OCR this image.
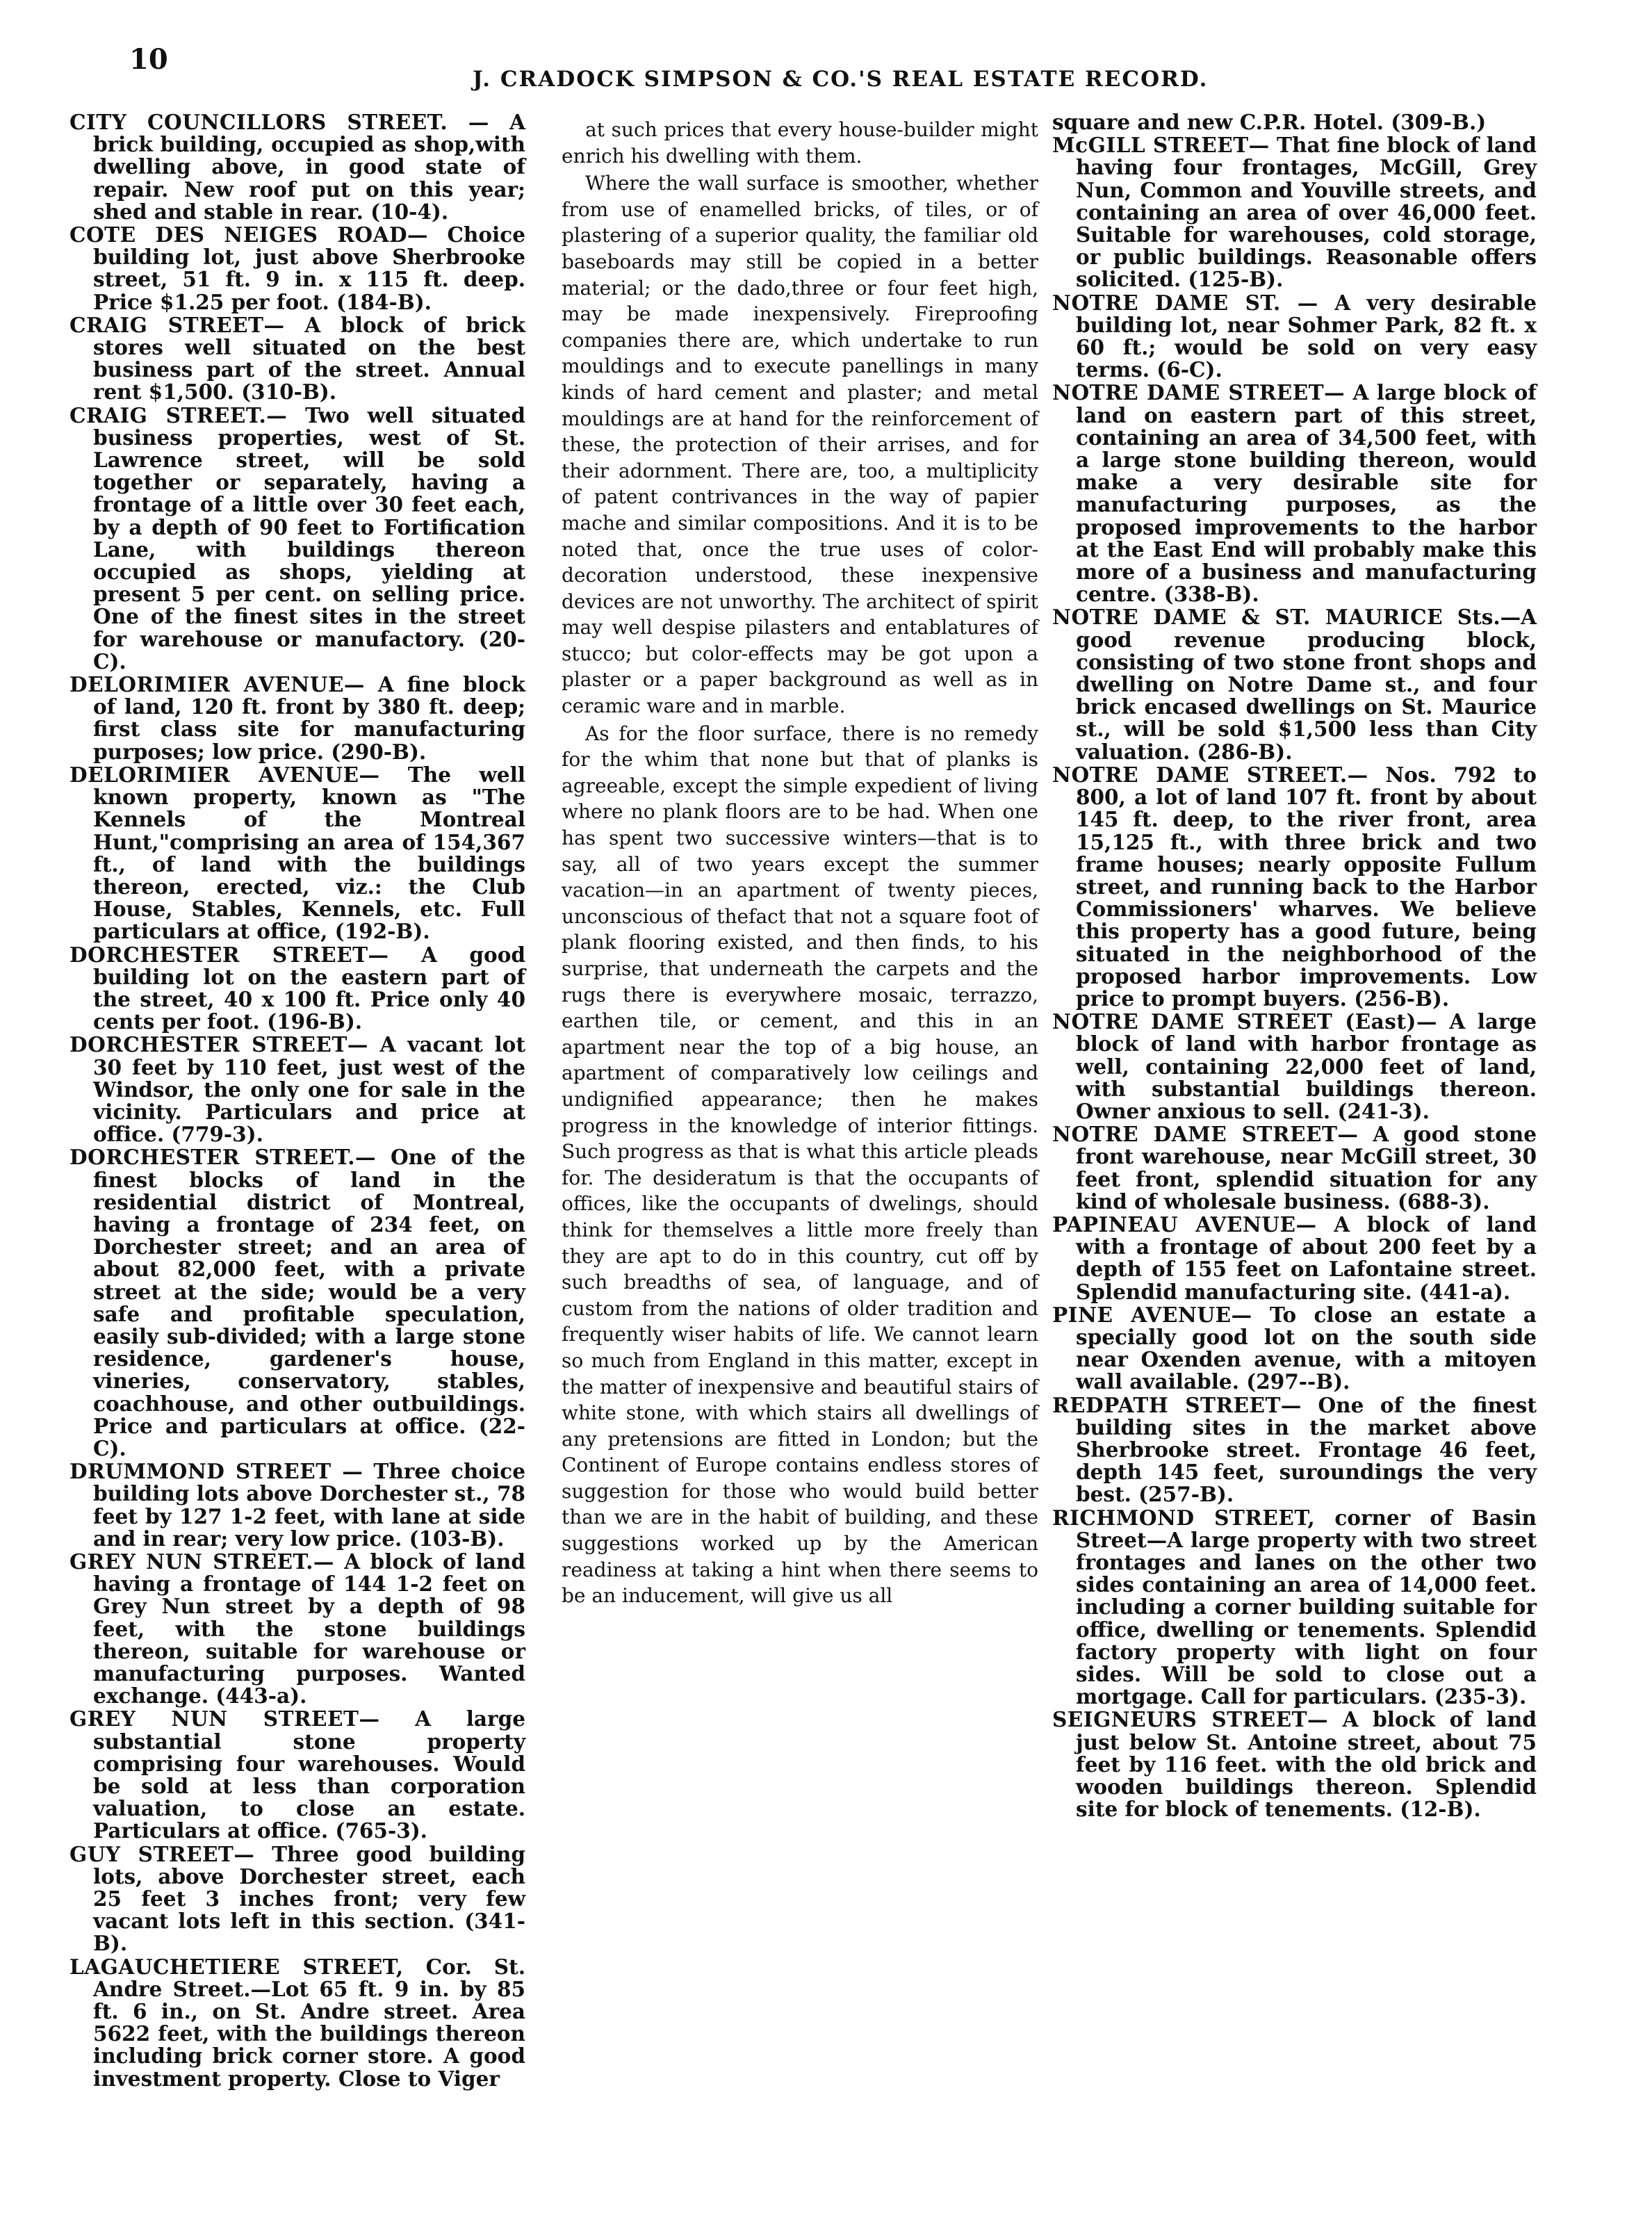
10
J. CRADOCK SIMPSON & CO.'S REAL ESTATE RECORD.

CITY COUNCILLORS STREET. — A brick building, occupied as shop,with dwelling above, in good state of repair. New roof put on this year; shed and stable in rear. (10-4).

COTE DES NEIGES ROAD— Choice building lot, just above Sherbrooke street, 51 ft. 9 in. x 115 ft. deep. Price $1.25 per foot. (184-B).

CRAIG STREET— A block of brick stores well situated on the best business part of the street. Annual rent $1,500. (310-B).

CRAIG STREET.— Two well situated business properties, west of St. Lawrence street, will be sold together or separately, having a frontage of a little over 30 feet each, by a depth of 90 feet to Fortification Lane, with buildings thereon occupied as shops, yielding at present 5 per cent. on selling price. One of the finest sites in the street for warehouse or manufactory. (20-C).

DELORIMIER AVENUE— A fine block of land, 120 ft. front by 380 ft. deep; first class site for manufacturing purposes; low price. (290-B).

DELORIMIER AVENUE— The well known property, known as "The Kennels of the Montreal Hunt,"comprising an area of 154,367 ft., of land with the buildings thereon, erected, viz.: the Club House, Stables, Kennels, etc. Full particulars at office, (192-B).

DORCHESTER STREET— A good building lot on the eastern part of the street, 40 x 100 ft. Price only 40 cents per foot. (196-B).

DORCHESTER STREET— A vacant lot 30 feet by 110 feet, just west of the Windsor, the only one for sale in the vicinity. Particulars and price at office. (779-3).

DORCHESTER STREET.— One of the finest blocks of land in the residential district of Montreal, having a frontage of 234 feet, on Dorchester street; and an area of about 82,000 feet, with a private street at the side; would be a very safe and profitable speculation, easily sub-divided; with a large stone residence, gardener's house, vineries, conservatory, stables, coachhouse, and other outbuildings. Price and particulars at office. (22-C).

DRUMMOND STREET — Three choice building lots above Dorchester st., 78 feet by 127 1-2 feet, with lane at side and in rear; very low price. (103-B).

GREY NUN STREET.— A block of land having a frontage of 144 1-2 feet on Grey Nun street by a depth of 98 feet, with the stone buildings thereon, suitable for warehouse or manufacturing purposes. Wanted exchange. (443-a).

GREY NUN STREET— A large substantial stone property comprising four warehouses. Would be sold at less than corporation valuation, to close an estate. Particulars at office. (765-3).

GUY STREET— Three good building lots, above Dorchester street, each 25 feet 3 inches front; very few vacant lots left in this section. (341-B).

LAGAUCHETIERE STREET, Cor. St. Andre Street.—Lot 65 ft. 9 in. by 85 ft. 6 in., on St. Andre street. Area 5622 feet, with the buildings thereon including brick corner store. A good investment property. Close to Viger

at such prices that every house-builder might enrich his dwelling with them.

Where the wall surface is smoother, whether from use of enamelled bricks, of tiles, or of plastering of a superior quality, the familiar old baseboards may still be copied in a better material; or the dado,three or four feet high, may be made inexpensively. Fireproofing companies there are, which undertake to run mouldings and to execute panellings in many kinds of hard cement and plaster; and metal mouldings are at hand for the reinforcement of these, the protection of their arrises, and for their adornment. There are, too, a multiplicity of patent contrivances in the way of papier mache and similar compositions. And it is to be noted that, once the true uses of color-decoration understood, these inexpensive devices are not unworthy. The architect of spirit may well despise pilasters and entablatures of stucco; but color-effects may be got upon a plaster or a paper background as well as in ceramic ware and in marble.

As for the floor surface, there is no remedy for the whim that none but that of planks is agreeable, except the simple expedient of living where no plank floors are to be had. When one has spent two successive winters—that is to say, all of two years except the summer vacation—in an apartment of twenty pieces, unconscious of thefact that not a square foot of plank flooring existed, and then finds, to his surprise, that underneath the carpets and the rugs there is everywhere mosaic, terrazzo, earthen tile, or cement, and this in an apartment near the top of a big house, an apartment of comparatively low ceilings and undignified appearance; then he makes progress in the knowledge of interior fittings. Such progress as that is what this article pleads for. The desideratum is that the occupants of offices, like the occupants of dwelings, should think for themselves a little more freely than they are apt to do in this country, cut off by such breadths of sea, of language, and of custom from the nations of older tradition and frequently wiser habits of life. We cannot learn so much from England in this matter, except in the matter of inexpensive and beautiful stairs of white stone, with which stairs all dwellings of any pretensions are fitted in London; but the Continent of Europe contains endless stores of suggestion for those who would build better than we are in the habit of building, and these suggestions worked up by the American readiness at taking a hint when there seems to be an inducement, will give us all

square and new C.P.R. Hotel. (309-B.)

McGILL STREET— That fine block of land having four frontages, McGill, Grey Nun, Common and Youville streets, and containing an area of over 46,000 feet. Suitable for warehouses, cold storage, or public buildings. Reasonable offers solicited. (125-B).

NOTRE DAME ST. — A very desirable building lot, near Sohmer Park, 82 ft. x 60 ft.; would be sold on very easy terms. (6-C).

NOTRE DAME STREET— A large block of land on eastern part of this street, containing an area of 34,500 feet, with a large stone building thereon, would make a very desirable site for manufacturing purposes, as the proposed improvements to the harbor at the East End will probably make this more of a business and manufacturing centre. (338-B).

NOTRE DAME & ST. MAURICE Sts.—A good revenue producing block, consisting of two stone front shops and dwelling on Notre Dame st., and four brick encased dwellings on St. Maurice st., will be sold $1,500 less than City valuation. (286-B).

NOTRE DAME STREET.— Nos. 792 to 800, a lot of land 107 ft. front by about 145 ft. deep, to the river front, area 15,125 ft., with three brick and two frame houses; nearly opposite Fullum street, and running back to the Harbor Commissioners' wharves. We believe this property has a good future, being situated in the neighborhood of the proposed harbor improvements. Low price to prompt buyers. (256-B).

NOTRE DAME STREET (East)— A large block of land with harbor frontage as well, containing 22,000 feet of land, with substantial buildings thereon. Owner anxious to sell. (241-3).

NOTRE DAME STREET— A good stone front warehouse, near McGill street, 30 feet front, splendid situation for any kind of wholesale business. (688-3).

PAPINEAU AVENUE— A block of land with a frontage of about 200 feet by a depth of 155 feet on Lafontaine street. Splendid manufacturing site. (441-a).

PINE AVENUE— To close an estate a specially good lot on the south side near Oxenden avenue, with a mitoyen wall available. (297--B).

REDPATH STREET— One of the finest building sites in the market above Sherbrooke street. Frontage 46 feet, depth 145 feet, suroundings the very best. (257-B).

RICHMOND STREET, corner of Basin Street—A large property with two street frontages and lanes on the other two sides containing an area of 14,000 feet. including a corner building suitable for office, dwelling or tenements. Splendid factory property with light on four sides. Will be sold to close out a mortgage. Call for particulars. (235-3).

SEIGNEURS STREET— A block of land just below St. Antoine street, about 75 feet by 116 feet. with the old brick and wooden buildings thereon. Splendid site for block of tenements. (12-B).
